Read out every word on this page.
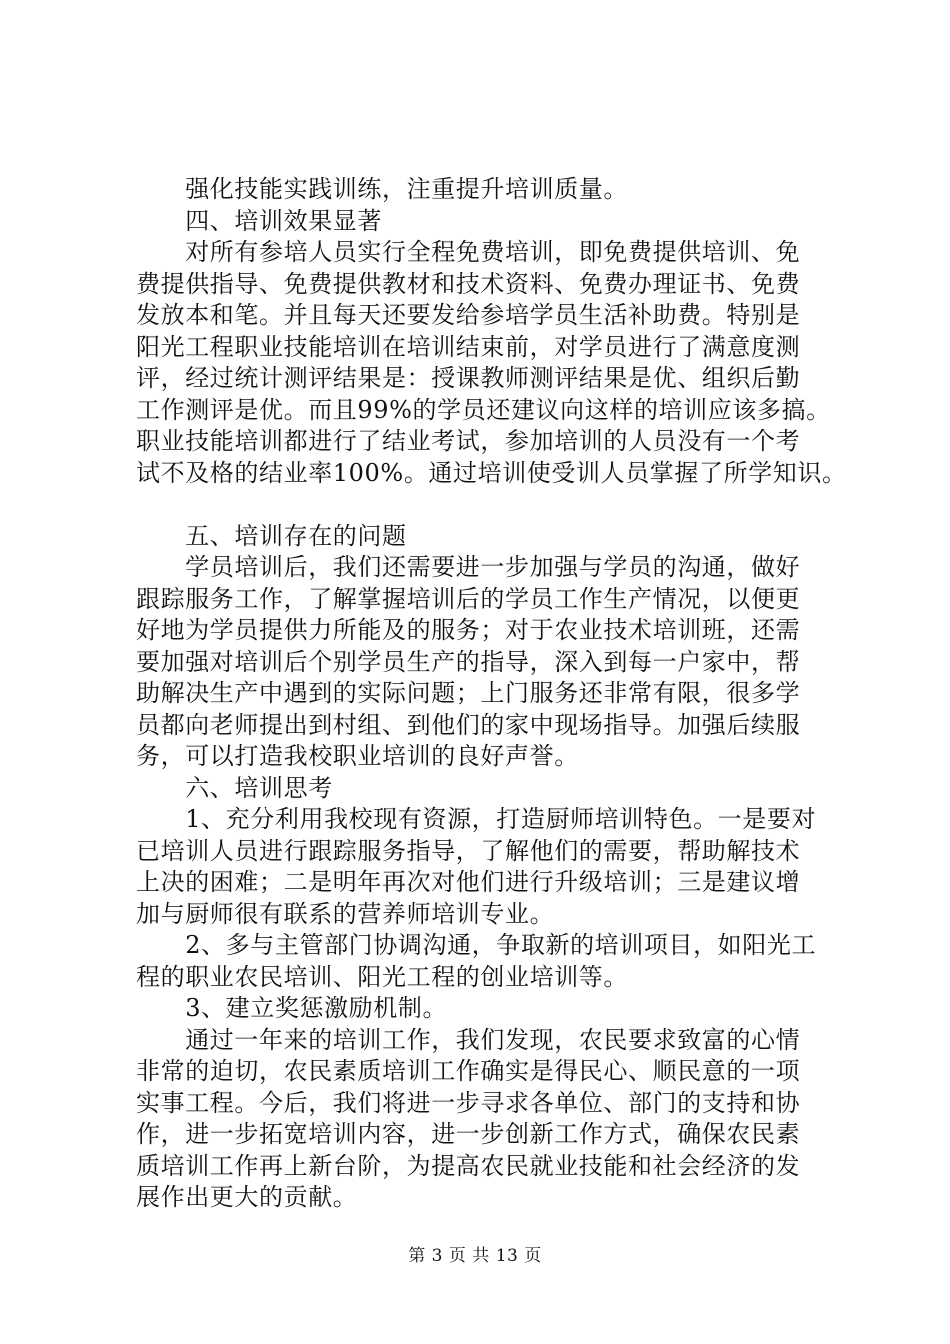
　　强化技能实践训练，注重提升培训质量。
　　四、培训效果显著
　　对所有参培人员实行全程免费培训，即免费提供培训、免
费提供指导、免费提供教材和技术资料、免费办理证书、免费
发放本和笔。并且每天还要发给参培学员生活补助费。特别是
阳光工程职业技能培训在培训结束前，对学员进行了满意度测
评，经过统计测评结果是：授课教师测评结果是优、组织后勤
工作测评是优。而且99%的学员还建议向这样的培训应该多搞。
职业技能培训都进行了结业考试，参加培训的人员没有一个考
试不及格的结业率100%。通过培训使受训人员掌握了所学知识。
　　五、培训存在的问题
　　学员培训后，我们还需要进一步加强与学员的沟通，做好
跟踪服务工作，了解掌握培训后的学员工作生产情况，以便更
好地为学员提供力所能及的服务；对于农业技术培训班，还需
要加强对培训后个别学员生产的指导，深入到每一户家中，帮
助解决生产中遇到的实际问题；上门服务还非常有限，很多学
员都向老师提出到村组、到他们的家中现场指导。加强后续服
务，可以打造我校职业培训的良好声誉。
　　六、培训思考
　　1、充分利用我校现有资源，打造厨师培训特色。一是要对
已培训人员进行跟踪服务指导，了解他们的需要，帮助解技术
上决的困难；二是明年再次对他们进行升级培训；三是建议增
加与厨师很有联系的营养师培训专业。
　　2、多与主管部门协调沟通，争取新的培训项目，如阳光工
程的职业农民培训、阳光工程的创业培训等。
　　3、建立奖惩激励机制。
　　通过一年来的培训工作，我们发现，农民要求致富的心情
非常的迫切，农民素质培训工作确实是得民心、顺民意的一项
实事工程。今后，我们将进一步寻求各单位、部门的支持和协
作，进一步拓宽培训内容，进一步创新工作方式，确保农民素
质培训工作再上新台阶，为提高农民就业技能和社会经济的发
展作出更大的贡献。
第 3 页 共 13 页
